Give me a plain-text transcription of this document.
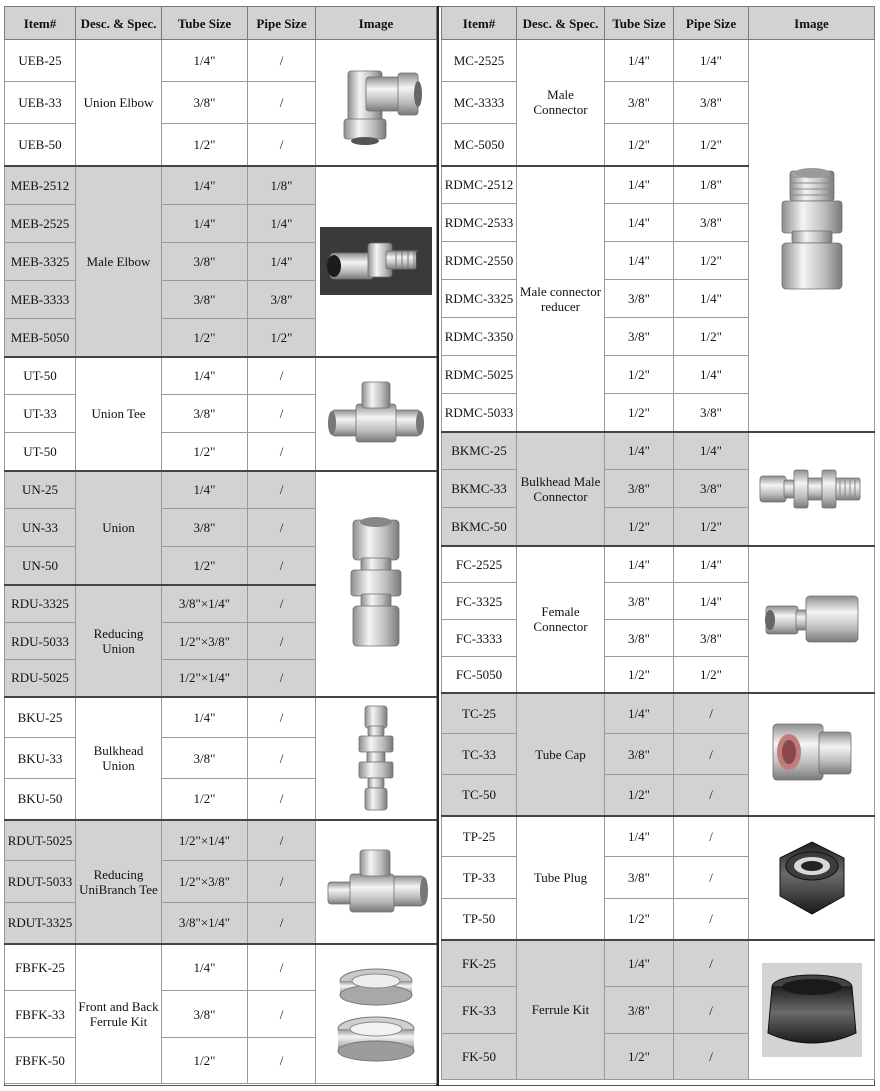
Item#	Desc. & Spec.	Tube Size	Pipe Size	Image
UEB-25	Union Elbow	1/4"	/	

UEB-33		3/8"	/	
UEB-50		1/2"	/	
MEB-2512	Male Elbow	1/4"	1/8"	

MEB-2525		1/4"	1/4"	
MEB-3325		3/8"	1/4"	
MEB-3333		3/8"	3/8"	
MEB-5050		1/2"	1/2"	
UT-50	Union Tee	1/4"	/	

UT-33		3/8"	/	
UT-50		1/2"	/	
UN-25	Union	1/4"	/	

UN-33		3/8"	/	
UN-50		1/2"	/	
RDU-3325	Reducing Union	3/8"×1/4"	/	
RDU-5033		1/2"×3/8"	/	
RDU-5025		1/2"×1/4"	/	
BKU-25	Bulkhead Union	1/4"	/	

BKU-33		3/8"	/	
BKU-50		1/2"	/	
RDUT-5025	Reducing UniBranch Tee	1/2"×1/4"	/	

RDUT-5033		1/2"×3/8"	/	
RDUT-3325		3/8"×1/4"	/	
FBFK-25	Front and Back Ferrule Kit	1/4"	/	

FBFK-33		3/8"	/	
FBFK-50		1/2"	/	
Item#	Desc. & Spec.	Tube Size	Pipe Size	Image
MC-2525	Male Connector	1/4"	1/4"	

MC-3333		3/8"	3/8"	
MC-5050		1/2"	1/2"	
RDMC-2512	Male connector reducer	1/4"	1/8"	
RDMC-2533		1/4"	3/8"	
RDMC-2550		1/4"	1/2"	
RDMC-3325		3/8"	1/4"	
RDMC-3350		3/8"	1/2"	
RDMC-5025		1/2"	1/4"	
RDMC-5033		1/2"	3/8"	
BKMC-25	Bulkhead Male Connector	1/4"	1/4"	

BKMC-33		3/8"	3/8"	
BKMC-50		1/2"	1/2"	
FC-2525	Female Connector	1/4"	1/4"	

FC-3325		3/8"	1/4"	
FC-3333		3/8"	3/8"	
FC-5050		1/2"	1/2"	
TC-25	Tube Cap	1/4"	/	

TC-33		3/8"	/	
TC-50		1/2"	/	
TP-25	Tube Plug	1/4"	/	

TP-33		3/8"	/	
TP-50		1/2"	/	
FK-25	Ferrule Kit	1/4"	/	

FK-33		3/8"	/	
FK-50		1/2"	/	
